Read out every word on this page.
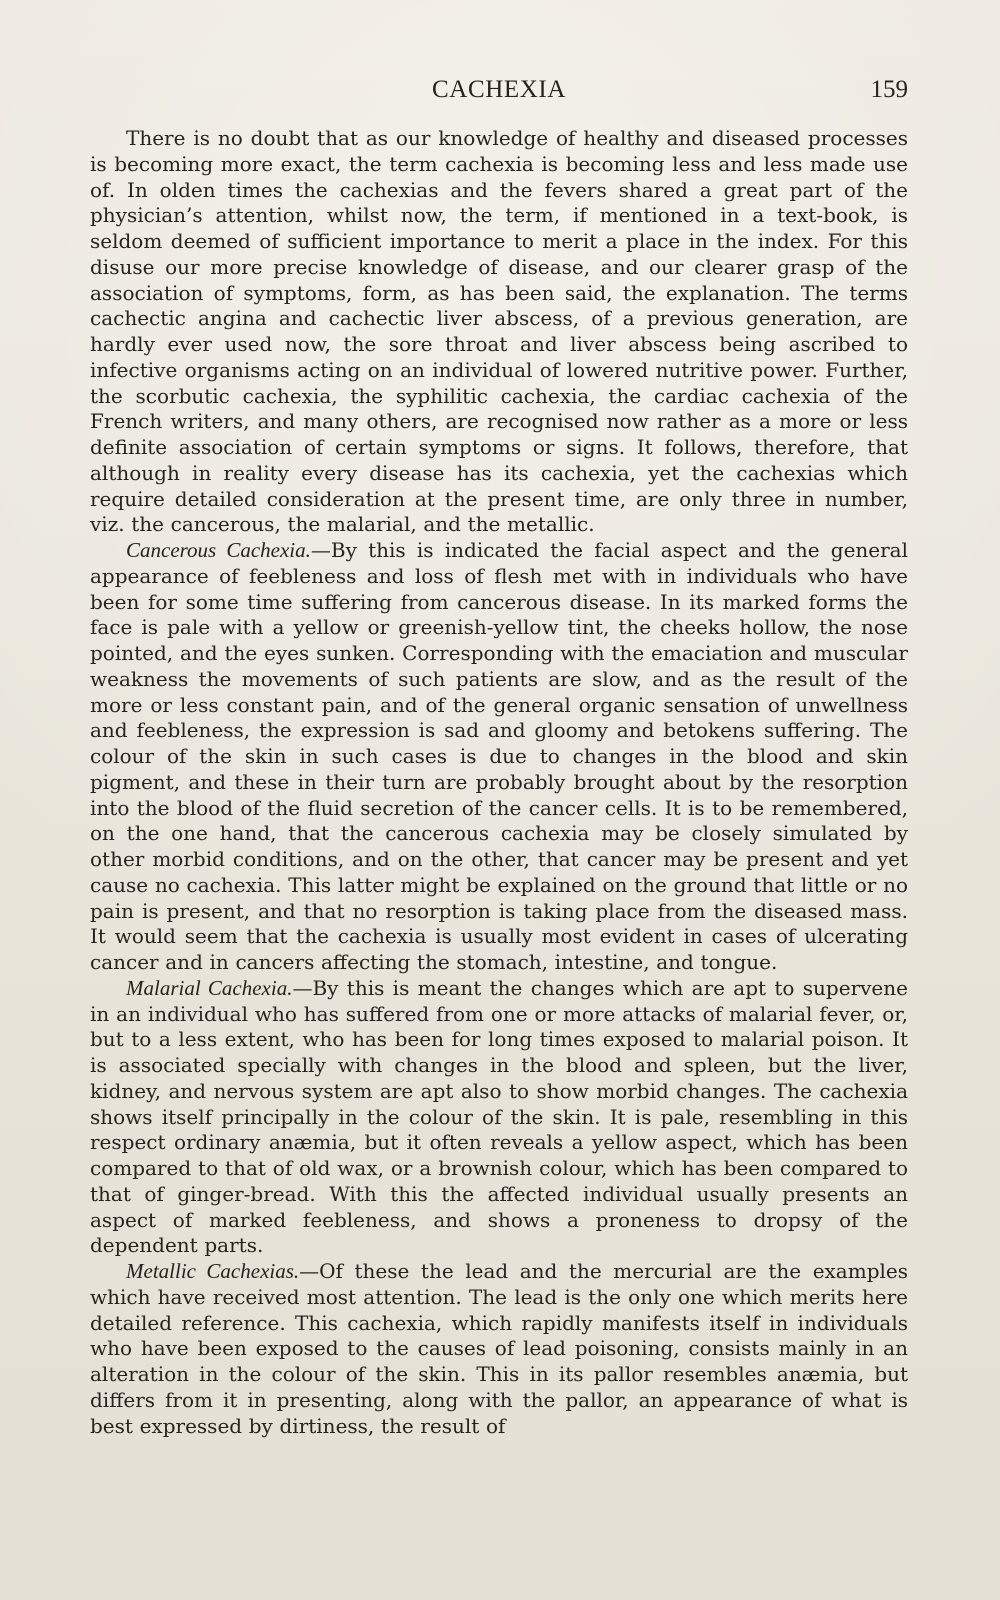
CACHEXIA	159

There is no doubt that as our knowledge of healthy and diseased processes is becoming more exact, the term cachexia is becoming less and less made use of. In olden times the cachexias and the fevers shared a great part of the physician’s attention, whilst now, the term, if mentioned in a text-book, is seldom deemed of sufficient importance to merit a place in the index. For this disuse our more precise knowledge of disease, and our clearer grasp of the association of symptoms, form, as has been said, the explanation. The terms cachectic angina and cachectic liver abscess, of a previous generation, are hardly ever used now, the sore throat and liver abscess being ascribed to infective organisms acting on an individual of lowered nutritive power. Further, the scorbutic cachexia, the syphilitic cachexia, the cardiac cachexia of the French writers, and many others, are recognised now rather as a more or less definite association of certain symptoms or signs. It follows, therefore, that although in reality every disease has its cachexia, yet the cachexias which require detailed consideration at the present time, are only three in number, viz. the cancerous, the malarial, and the metallic.

Cancerous Cachexia.—By this is indicated the facial aspect and the general appearance of feebleness and loss of flesh met with in individuals who have been for some time suffering from cancerous disease. In its marked forms the face is pale with a yellow or greenish-yellow tint, the cheeks hollow, the nose pointed, and the eyes sunken. Corresponding with the emaciation and muscular weakness the movements of such patients are slow, and as the result of the more or less constant pain, and of the general organic sensation of unwellness and feebleness, the expression is sad and gloomy and betokens suffering. The colour of the skin in such cases is due to changes in the blood and skin pigment, and these in their turn are probably brought about by the resorption into the blood of the fluid secretion of the cancer cells. It is to be remembered, on the one hand, that the cancerous cachexia may be closely simulated by other morbid conditions, and on the other, that cancer may be present and yet cause no cachexia. This latter might be explained on the ground that little or no pain is present, and that no resorption is taking place from the diseased mass. It would seem that the cachexia is usually most evident in cases of ulcerating cancer and in cancers affecting the stomach, intestine, and tongue.

Malarial Cachexia.—By this is meant the changes which are apt to supervene in an individual who has suffered from one or more attacks of malarial fever, or, but to a less extent, who has been for long times exposed to malarial poison. It is associated specially with changes in the blood and spleen, but the liver, kidney, and nervous system are apt also to show morbid changes. The cachexia shows itself principally in the colour of the skin. It is pale, resembling in this respect ordinary anæmia, but it often reveals a yellow aspect, which has been compared to that of old wax, or a brownish colour, which has been compared to that of ginger-bread. With this the affected individual usually presents an aspect of marked feebleness, and shows a proneness to dropsy of the dependent parts.

Metallic Cachexias.—Of these the lead and the mercurial are the examples which have received most attention. The lead is the only one which merits here detailed reference. This cachexia, which rapidly manifests itself in individuals who have been exposed to the causes of lead poisoning, consists mainly in an alteration in the colour of the skin. This in its pallor resembles anæmia, but differs from it in presenting, along with the pallor, an appearance of what is best expressed by dirtiness, the result of
